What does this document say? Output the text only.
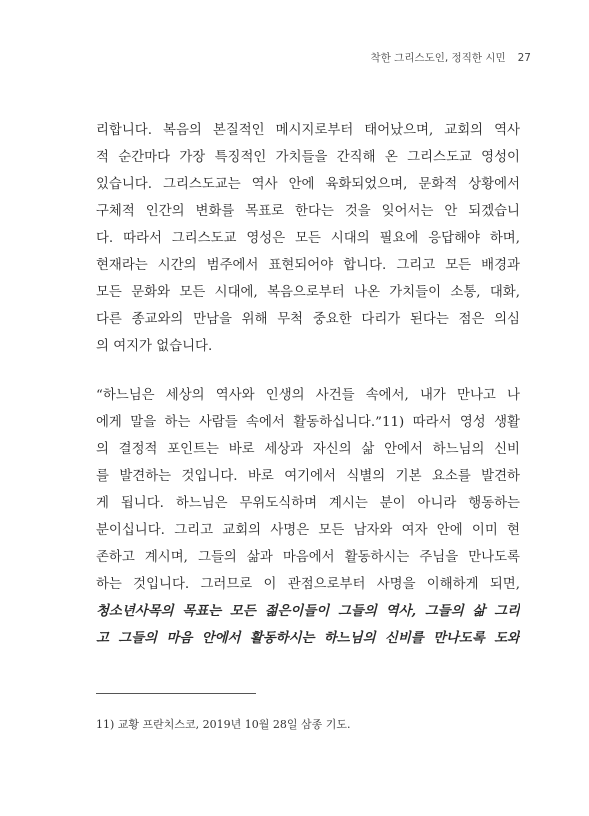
착한 그리스도인, 정직한 시민 27
리합니다. 복음의 본질적인 메시지로부터 태어났으며, 교회의 역사
적 순간마다 가장 특징적인 가치들을 간직해 온 그리스도교 영성이
있습니다. 그리스도교는 역사 안에 육화되었으며, 문화적 상황에서
구체적 인간의 변화를 목표로 한다는 것을 잊어서는 안 되겠습니
다. 따라서 그리스도교 영성은 모든 시대의 필요에 응답해야 하며,
현재라는 시간의 범주에서 표현되어야 합니다. 그리고 모든 배경과
모든 문화와 모든 시대에, 복음으로부터 나온 가치들이 소통, 대화,
다른 종교와의 만남을 위해 무척 중요한 다리가 된다는 점은 의심
의 여지가 없습니다.
“하느님은 세상의 역사와 인생의 사건들 속에서, 내가 만나고 나
에게 말을 하는 사람들 속에서 활동하십니다.”11) 따라서 영성 생활
의 결정적 포인트는 바로 세상과 자신의 삶 안에서 하느님의 신비
를 발견하는 것입니다. 바로 여기에서 식별의 기본 요소를 발견하
게 됩니다. 하느님은 무위도식하며 계시는 분이 아니라 행동하는
분이십니다. 그리고 교회의 사명은 모든 남자와 여자 안에 이미 현
존하고 계시며, 그들의 삶과 마음에서 활동하시는 주님을 만나도록
하는 것입니다. 그러므로 이 관점으로부터 사명을 이해하게 되면,
청소년사목의 목표는 모든 젊은이들이 그들의 역사, 그들의 삶 그리
고 그들의 마음 안에서 활동하시는 하느님의 신비를 만나도록 도와
11) 교황 프란치스코, 2019년 10월 28일 삼종 기도.
